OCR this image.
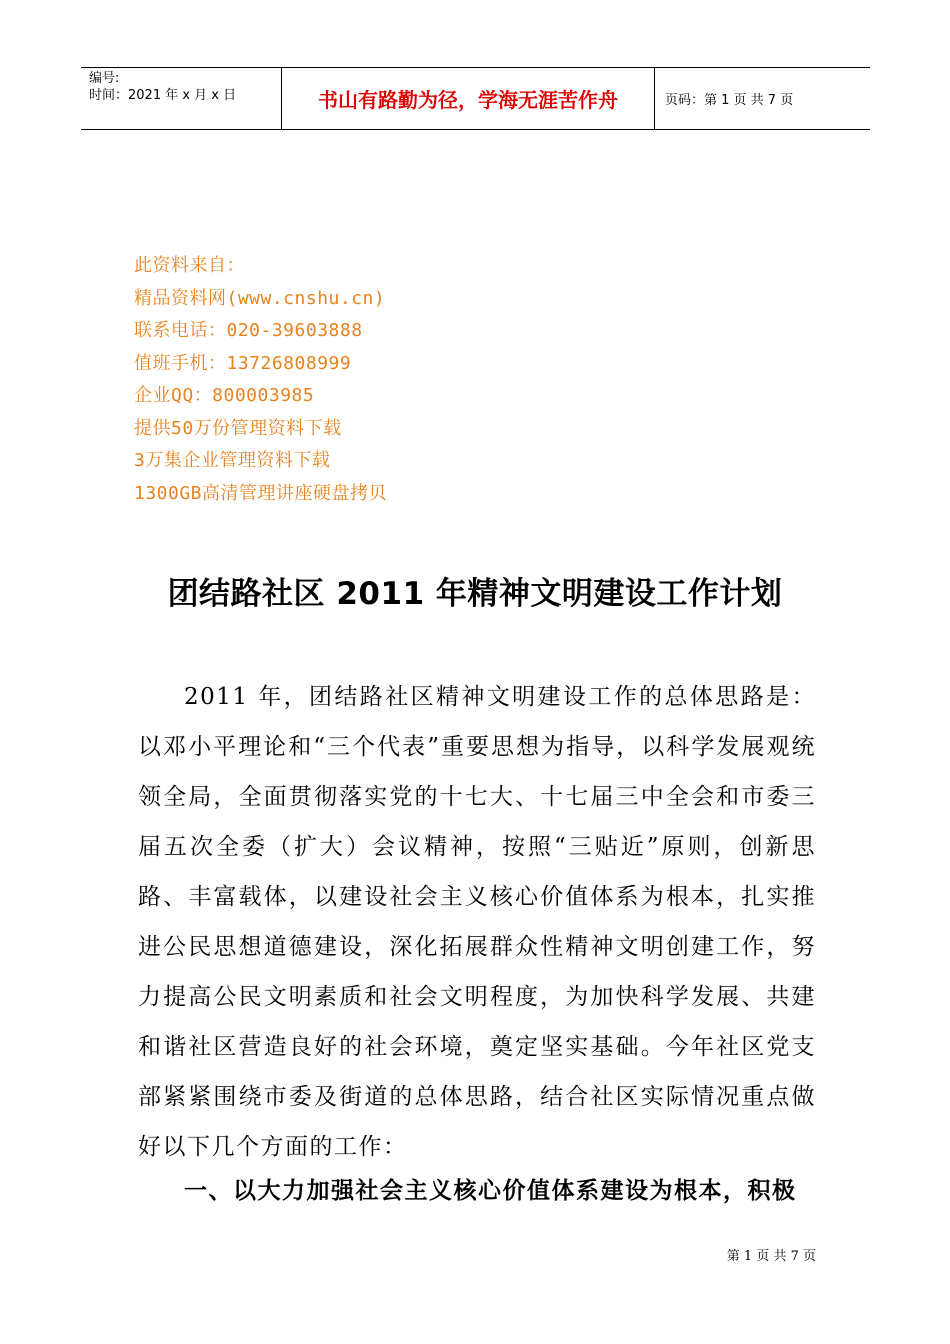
编号:
时间：2021 年 x 月 x 日	书山有路勤为径，学海无涯苦作舟	页码：第 1 页 共 7 页
此资料来自：
精品资料网(www.cnshu.cn)
联系电话：020-39603888
值班手机：13726808999
企业QQ：800003985
提供50万份管理资料下载
3万集企业管理资料下载
1300GB高清管理讲座硬盘拷贝
团结路社区 2011 年精神文明建设工作计划

2011 年，团结路社区精神文明建设工作的总体思路是：以邓小平理论和“三个代表”重要思想为指导，以科学发展观统领全局，全面贯彻落实党的十七大、十七届三中全会和市委三届五次全委（扩大）会议精神，按照“三贴近”原则，创新思路、丰富载体，以建设社会主义核心价值体系为根本，扎实推进公民思想道德建设，深化拓展群众性精神文明创建工作，努力提高公民文明素质和社会文明程度，为加快科学发展、共建和谐社区营造良好的社会环境，奠定坚实基础。今年社区党支部紧紧围绕市委及街道的总体思路，结合社区实际情况重点做好以下几个方面的工作：

一、以大力加强社会主义核心价值体系建设为根本，积极
第 1 页 共 7 页
